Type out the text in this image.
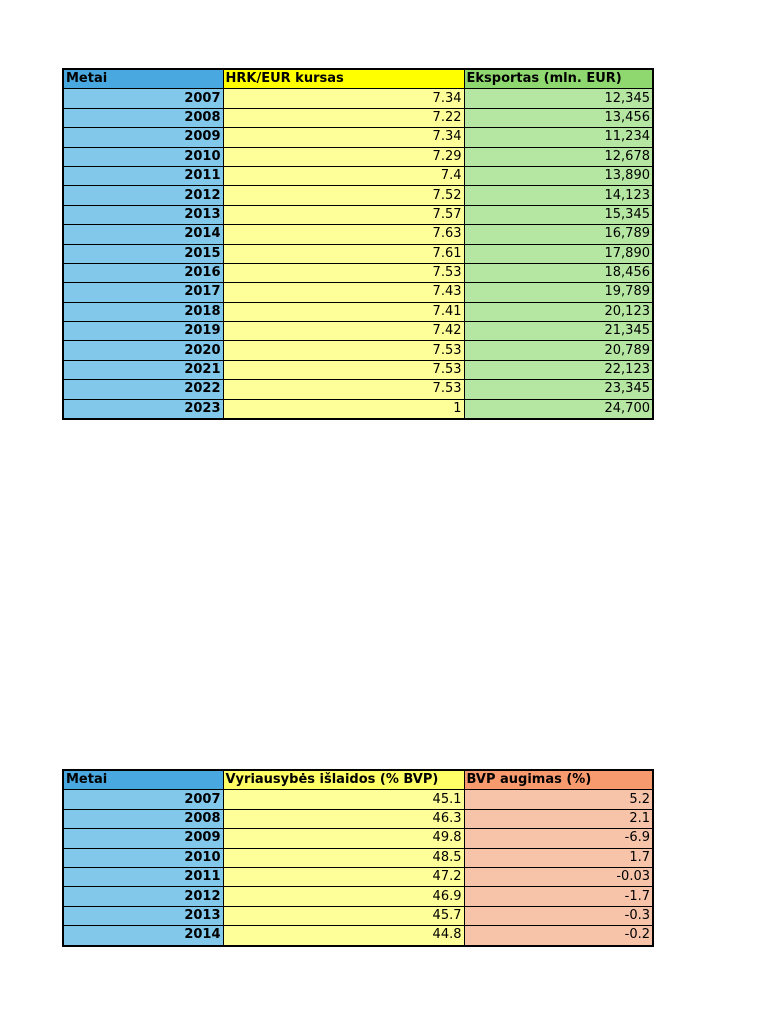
Metai	HRK/EUR kursas	Eksportas (mln. EUR)
2007	7.34	12,345
2008	7.22	13,456
2009	7.34	11,234
2010	7.29	12,678
2011	7.4	13,890
2012	7.52	14,123
2013	7.57	15,345
2014	7.63	16,789
2015	7.61	17,890
2016	7.53	18,456
2017	7.43	19,789
2018	7.41	20,123
2019	7.42	21,345
2020	7.53	20,789
2021	7.53	22,123
2022	7.53	23,345
2023	1	24,700
Metai	Vyriausybės išlaidos (% BVP)	BVP augimas (%)
2007	45.1	5.2
2008	46.3	2.1
2009	49.8	-6.9
2010	48.5	1.7
2011	47.2	-0.03
2012	46.9	-1.7
2013	45.7	-0.3
2014	44.8	-0.2
